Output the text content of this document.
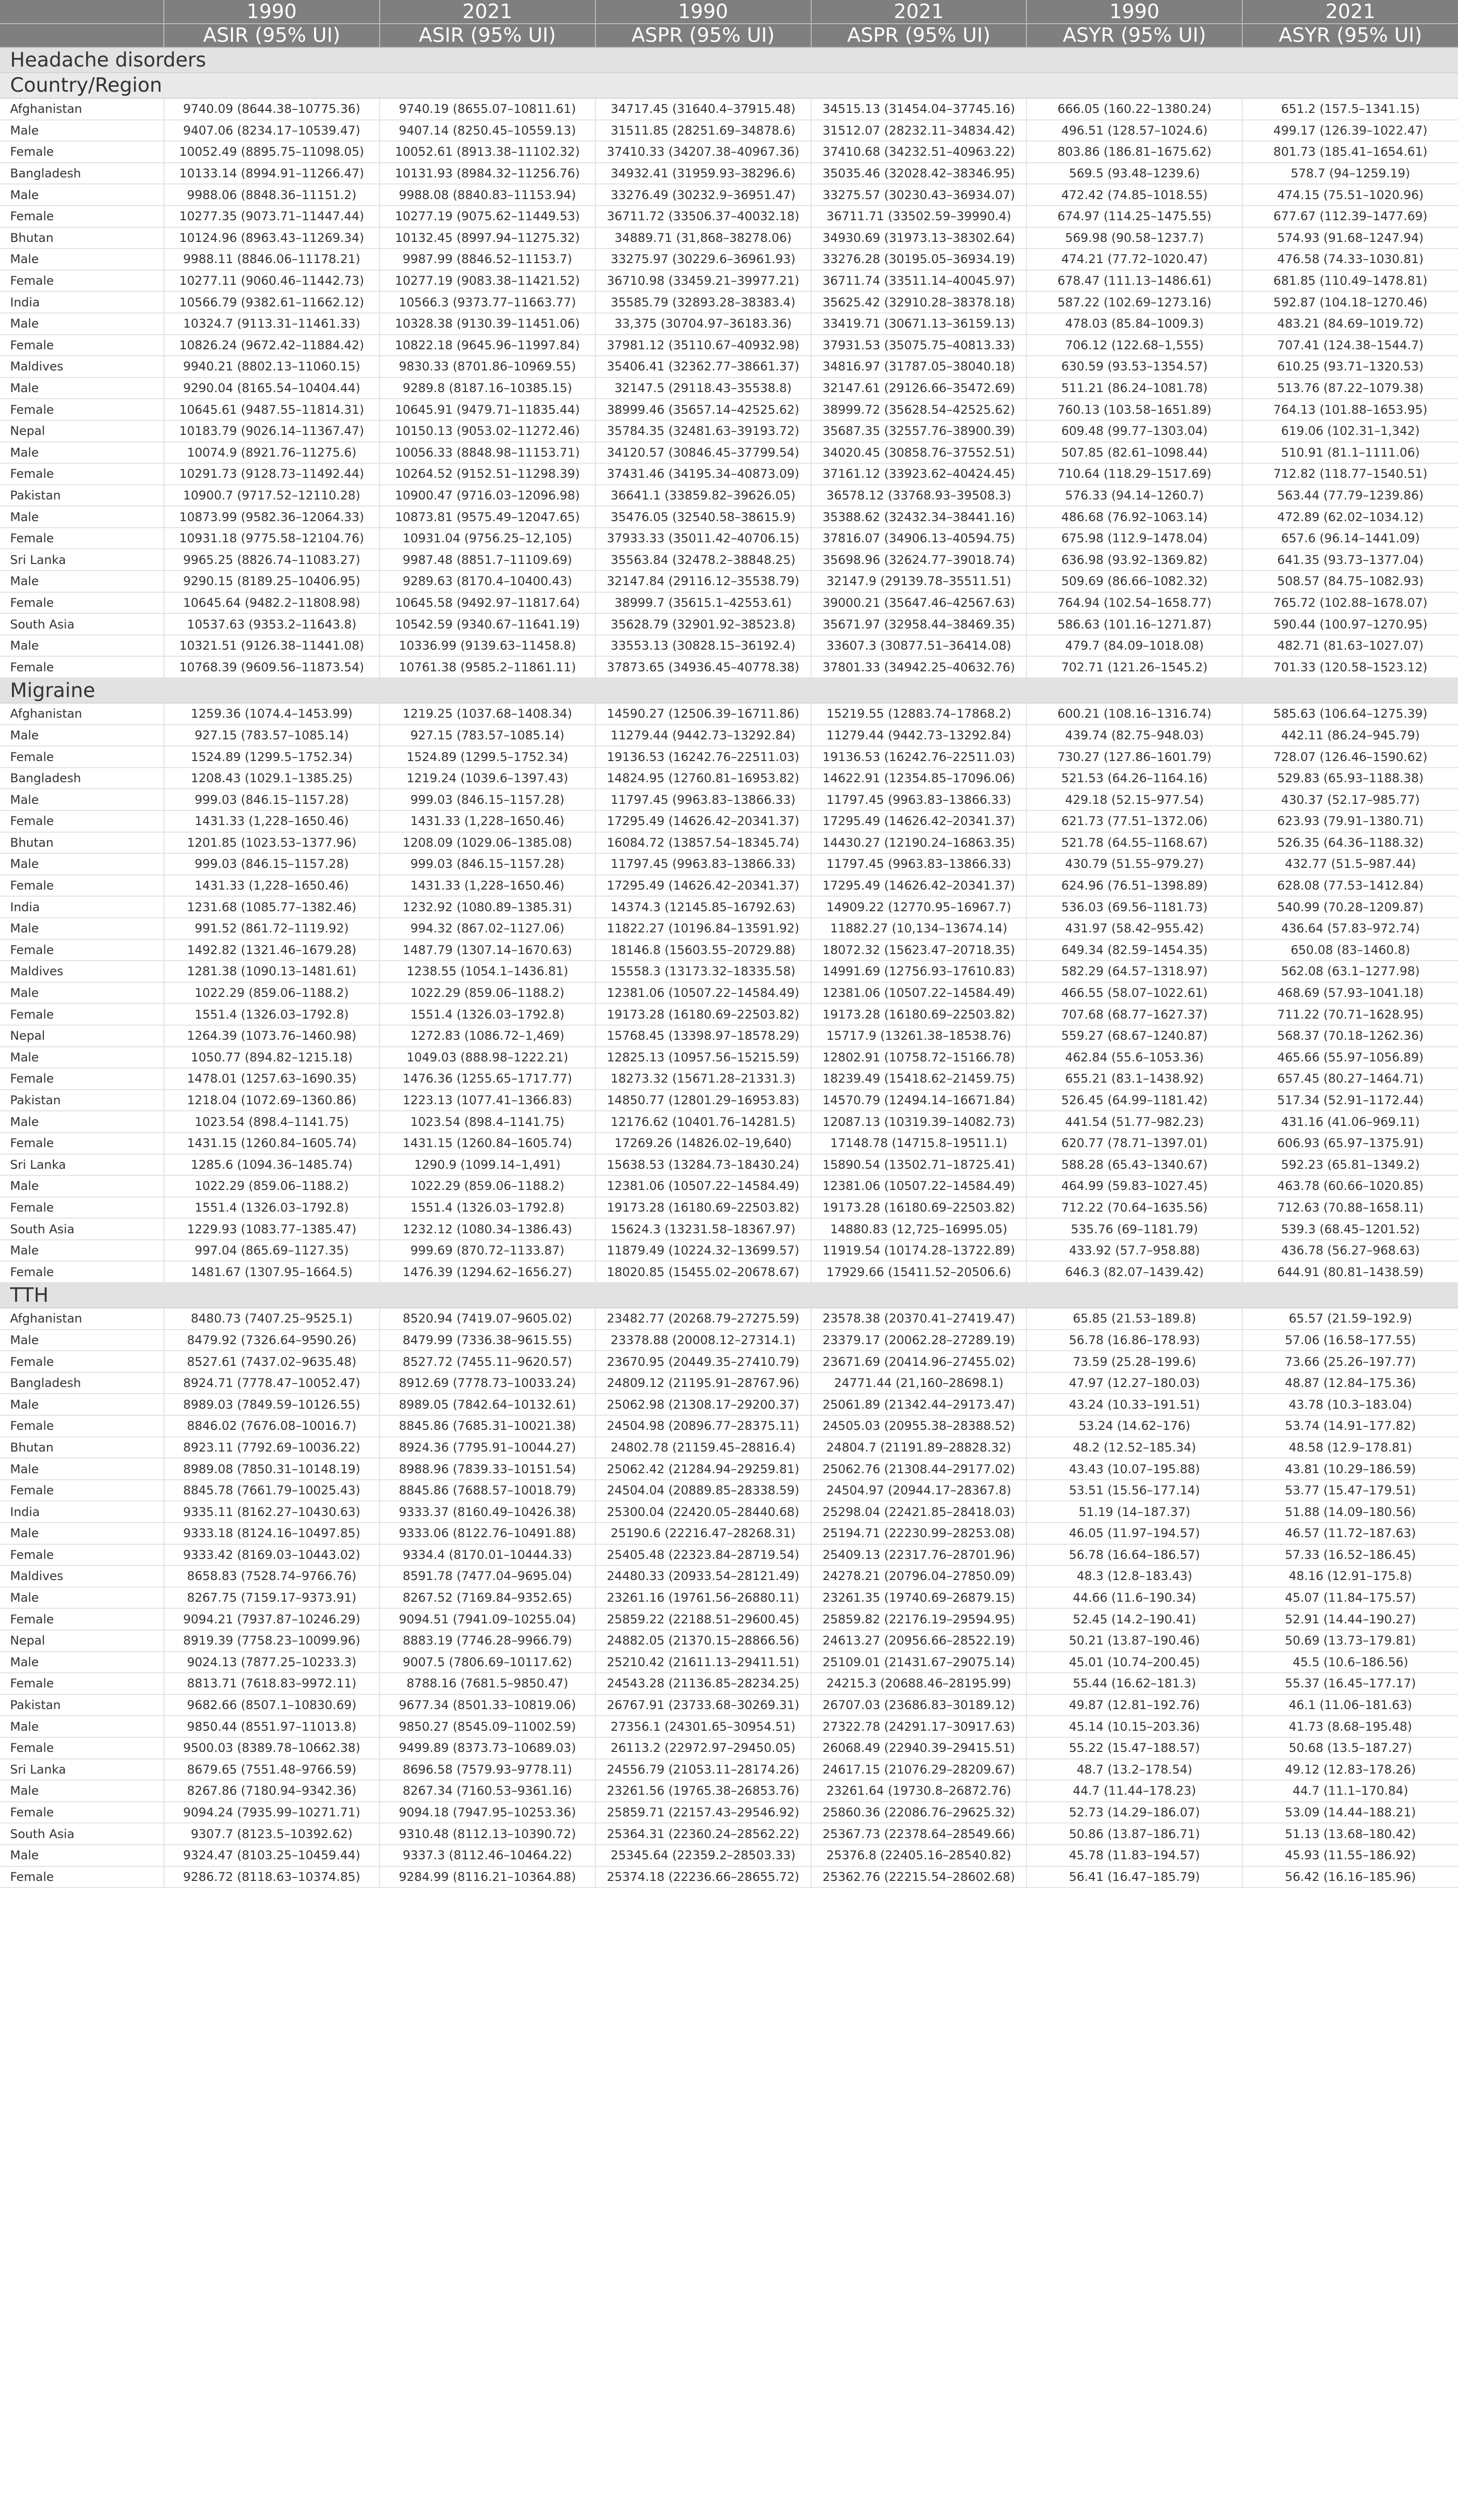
	1990	2021	1990	2021	1990	2021
	ASIR (95% UI)	ASIR (95% UI)	ASPR (95% UI)	ASPR (95% UI)	ASYR (95% UI)	ASYR (95% UI)
Headache disorders						
Country/Region						
Afghanistan	9740.09 (8644.38–10775.36)	9740.19 (8655.07–10811.61)	34717.45 (31640.4–37915.48)	34515.13 (31454.04–37745.16)	666.05 (160.22–1380.24)	651.2 (157.5–1341.15)
Male	9407.06 (8234.17–10539.47)	9407.14 (8250.45–10559.13)	31511.85 (28251.69–34878.6)	31512.07 (28232.11–34834.42)	496.51 (128.57–1024.6)	499.17 (126.39–1022.47)
Female	10052.49 (8895.75–11098.05)	10052.61 (8913.38–11102.32)	37410.33 (34207.38–40967.36)	37410.68 (34232.51–40963.22)	803.86 (186.81–1675.62)	801.73 (185.41–1654.61)
Bangladesh	10133.14 (8994.91–11266.47)	10131.93 (8984.32–11256.76)	34932.41 (31959.93–38296.6)	35035.46 (32028.42–38346.95)	569.5 (93.48–1239.6)	578.7 (94–1259.19)
Male	9988.06 (8848.36–11151.2)	9988.08 (8840.83–11153.94)	33276.49 (30232.9–36951.47)	33275.57 (30230.43–36934.07)	472.42 (74.85–1018.55)	474.15 (75.51–1020.96)
Female	10277.35 (9073.71–11447.44)	10277.19 (9075.62–11449.53)	36711.72 (33506.37–40032.18)	36711.71 (33502.59–39990.4)	674.97 (114.25–1475.55)	677.67 (112.39–1477.69)
Bhutan	10124.96 (8963.43–11269.34)	10132.45 (8997.94–11275.32)	34889.71 (31,868–38278.06)	34930.69 (31973.13–38302.64)	569.98 (90.58–1237.7)	574.93 (91.68–1247.94)
Male	9988.11 (8846.06–11178.21)	9987.99 (8846.52–11153.7)	33275.97 (30229.6–36961.93)	33276.28 (30195.05–36934.19)	474.21 (77.72–1020.47)	476.58 (74.33–1030.81)
Female	10277.11 (9060.46–11442.73)	10277.19 (9083.38–11421.52)	36710.98 (33459.21–39977.21)	36711.74 (33511.14–40045.97)	678.47 (111.13–1486.61)	681.85 (110.49–1478.81)
India	10566.79 (9382.61–11662.12)	10566.3 (9373.77–11663.77)	35585.79 (32893.28–38383.4)	35625.42 (32910.28–38378.18)	587.22 (102.69–1273.16)	592.87 (104.18–1270.46)
Male	10324.7 (9113.31–11461.33)	10328.38 (9130.39–11451.06)	33,375 (30704.97–36183.36)	33419.71 (30671.13–36159.13)	478.03 (85.84–1009.3)	483.21 (84.69–1019.72)
Female	10826.24 (9672.42–11884.42)	10822.18 (9645.96–11997.84)	37981.12 (35110.67–40932.98)	37931.53 (35075.75–40813.33)	706.12 (122.68–1,555)	707.41 (124.38–1544.7)
Maldives	9940.21 (8802.13–11060.15)	9830.33 (8701.86–10969.55)	35406.41 (32362.77–38661.37)	34816.97 (31787.05–38040.18)	630.59 (93.53–1354.57)	610.25 (93.71–1320.53)
Male	9290.04 (8165.54–10404.44)	9289.8 (8187.16–10385.15)	32147.5 (29118.43–35538.8)	32147.61 (29126.66–35472.69)	511.21 (86.24–1081.78)	513.76 (87.22–1079.38)
Female	10645.61 (9487.55–11814.31)	10645.91 (9479.71–11835.44)	38999.46 (35657.14–42525.62)	38999.72 (35628.54–42525.62)	760.13 (103.58–1651.89)	764.13 (101.88–1653.95)
Nepal	10183.79 (9026.14–11367.47)	10150.13 (9053.02–11272.46)	35784.35 (32481.63–39193.72)	35687.35 (32557.76–38900.39)	609.48 (99.77–1303.04)	619.06 (102.31–1,342)
Male	10074.9 (8921.76–11275.6)	10056.33 (8848.98–11153.71)	34120.57 (30846.45–37799.54)	34020.45 (30858.76–37552.51)	507.85 (82.61–1098.44)	510.91 (81.1–1111.06)
Female	10291.73 (9128.73–11492.44)	10264.52 (9152.51–11298.39)	37431.46 (34195.34–40873.09)	37161.12 (33923.62–40424.45)	710.64 (118.29–1517.69)	712.82 (118.77–1540.51)
Pakistan	10900.7 (9717.52–12110.28)	10900.47 (9716.03–12096.98)	36641.1 (33859.82–39626.05)	36578.12 (33768.93–39508.3)	576.33 (94.14–1260.7)	563.44 (77.79–1239.86)
Male	10873.99 (9582.36–12064.33)	10873.81 (9575.49–12047.65)	35476.05 (32540.58–38615.9)	35388.62 (32432.34–38441.16)	486.68 (76.92–1063.14)	472.89 (62.02–1034.12)
Female	10931.18 (9775.58–12104.76)	10931.04 (9756.25–12,105)	37933.33 (35011.42–40706.15)	37816.07 (34906.13–40594.75)	675.98 (112.9–1478.04)	657.6 (96.14–1441.09)
Sri Lanka	9965.25 (8826.74–11083.27)	9987.48 (8851.7–11109.69)	35563.84 (32478.2–38848.25)	35698.96 (32624.77–39018.74)	636.98 (93.92–1369.82)	641.35 (93.73–1377.04)
Male	9290.15 (8189.25–10406.95)	9289.63 (8170.4–10400.43)	32147.84 (29116.12–35538.79)	32147.9 (29139.78–35511.51)	509.69 (86.66–1082.32)	508.57 (84.75–1082.93)
Female	10645.64 (9482.2–11808.98)	10645.58 (9492.97–11817.64)	38999.7 (35615.1–42553.61)	39000.21 (35647.46–42567.63)	764.94 (102.54–1658.77)	765.72 (102.88–1678.07)
South Asia	10537.63 (9353.2–11643.8)	10542.59 (9340.67–11641.19)	35628.79 (32901.92–38523.8)	35671.97 (32958.44–38469.35)	586.63 (101.16–1271.87)	590.44 (100.97–1270.95)
Male	10321.51 (9126.38–11441.08)	10336.99 (9139.63–11458.8)	33553.13 (30828.15–36192.4)	33607.3 (30877.51–36414.08)	479.7 (84.09–1018.08)	482.71 (81.63–1027.07)
Female	10768.39 (9609.56–11873.54)	10761.38 (9585.2–11861.11)	37873.65 (34936.45–40778.38)	37801.33 (34942.25–40632.76)	702.71 (121.26–1545.2)	701.33 (120.58–1523.12)
Migraine						
Afghanistan	1259.36 (1074.4–1453.99)	1219.25 (1037.68–1408.34)	14590.27 (12506.39–16711.86)	15219.55 (12883.74–17868.2)	600.21 (108.16–1316.74)	585.63 (106.64–1275.39)
Male	927.15 (783.57–1085.14)	927.15 (783.57–1085.14)	11279.44 (9442.73–13292.84)	11279.44 (9442.73–13292.84)	439.74 (82.75–948.03)	442.11 (86.24–945.79)
Female	1524.89 (1299.5–1752.34)	1524.89 (1299.5–1752.34)	19136.53 (16242.76–22511.03)	19136.53 (16242.76–22511.03)	730.27 (127.86–1601.79)	728.07 (126.46–1590.62)
Bangladesh	1208.43 (1029.1–1385.25)	1219.24 (1039.6–1397.43)	14824.95 (12760.81–16953.82)	14622.91 (12354.85–17096.06)	521.53 (64.26–1164.16)	529.83 (65.93–1188.38)
Male	999.03 (846.15–1157.28)	999.03 (846.15–1157.28)	11797.45 (9963.83–13866.33)	11797.45 (9963.83–13866.33)	429.18 (52.15–977.54)	430.37 (52.17–985.77)
Female	1431.33 (1,228–1650.46)	1431.33 (1,228–1650.46)	17295.49 (14626.42–20341.37)	17295.49 (14626.42–20341.37)	621.73 (77.51–1372.06)	623.93 (79.91–1380.71)
Bhutan	1201.85 (1023.53–1377.96)	1208.09 (1029.06–1385.08)	16084.72 (13857.54–18345.74)	14430.27 (12190.24–16863.35)	521.78 (64.55–1168.67)	526.35 (64.36–1188.32)
Male	999.03 (846.15–1157.28)	999.03 (846.15–1157.28)	11797.45 (9963.83–13866.33)	11797.45 (9963.83–13866.33)	430.79 (51.55–979.27)	432.77 (51.5–987.44)
Female	1431.33 (1,228–1650.46)	1431.33 (1,228–1650.46)	17295.49 (14626.42–20341.37)	17295.49 (14626.42–20341.37)	624.96 (76.51–1398.89)	628.08 (77.53–1412.84)
India	1231.68 (1085.77–1382.46)	1232.92 (1080.89–1385.31)	14374.3 (12145.85–16792.63)	14909.22 (12770.95–16967.7)	536.03 (69.56–1181.73)	540.99 (70.28–1209.87)
Male	991.52 (861.72–1119.92)	994.32 (867.02–1127.06)	11822.27 (10196.84–13591.92)	11882.27 (10,134–13674.14)	431.97 (58.42–955.42)	436.64 (57.83–972.74)
Female	1492.82 (1321.46–1679.28)	1487.79 (1307.14–1670.63)	18146.8 (15603.55–20729.88)	18072.32 (15623.47–20718.35)	649.34 (82.59–1454.35)	650.08 (83–1460.8)
Maldives	1281.38 (1090.13–1481.61)	1238.55 (1054.1–1436.81)	15558.3 (13173.32–18335.58)	14991.69 (12756.93–17610.83)	582.29 (64.57–1318.97)	562.08 (63.1–1277.98)
Male	1022.29 (859.06–1188.2)	1022.29 (859.06–1188.2)	12381.06 (10507.22–14584.49)	12381.06 (10507.22–14584.49)	466.55 (58.07–1022.61)	468.69 (57.93–1041.18)
Female	1551.4 (1326.03–1792.8)	1551.4 (1326.03–1792.8)	19173.28 (16180.69–22503.82)	19173.28 (16180.69–22503.82)	707.68 (68.77–1627.37)	711.22 (70.71–1628.95)
Nepal	1264.39 (1073.76–1460.98)	1272.83 (1086.72–1,469)	15768.45 (13398.97–18578.29)	15717.9 (13261.38–18538.76)	559.27 (68.67–1240.87)	568.37 (70.18–1262.36)
Male	1050.77 (894.82–1215.18)	1049.03 (888.98–1222.21)	12825.13 (10957.56–15215.59)	12802.91 (10758.72–15166.78)	462.84 (55.6–1053.36)	465.66 (55.97–1056.89)
Female	1478.01 (1257.63–1690.35)	1476.36 (1255.65–1717.77)	18273.32 (15671.28–21331.3)	18239.49 (15418.62–21459.75)	655.21 (83.1–1438.92)	657.45 (80.27–1464.71)
Pakistan	1218.04 (1072.69–1360.86)	1223.13 (1077.41–1366.83)	14850.77 (12801.29–16953.83)	14570.79 (12494.14–16671.84)	526.45 (64.99–1181.42)	517.34 (52.91–1172.44)
Male	1023.54 (898.4–1141.75)	1023.54 (898.4–1141.75)	12176.62 (10401.76–14281.5)	12087.13 (10319.39–14082.73)	441.54 (51.77–982.23)	431.16 (41.06–969.11)
Female	1431.15 (1260.84–1605.74)	1431.15 (1260.84–1605.74)	17269.26 (14826.02–19,640)	17148.78 (14715.8–19511.1)	620.77 (78.71–1397.01)	606.93 (65.97–1375.91)
Sri Lanka	1285.6 (1094.36–1485.74)	1290.9 (1099.14–1,491)	15638.53 (13284.73–18430.24)	15890.54 (13502.71–18725.41)	588.28 (65.43–1340.67)	592.23 (65.81–1349.2)
Male	1022.29 (859.06–1188.2)	1022.29 (859.06–1188.2)	12381.06 (10507.22–14584.49)	12381.06 (10507.22–14584.49)	464.99 (59.83–1027.45)	463.78 (60.66–1020.85)
Female	1551.4 (1326.03–1792.8)	1551.4 (1326.03–1792.8)	19173.28 (16180.69–22503.82)	19173.28 (16180.69–22503.82)	712.22 (70.64–1635.56)	712.63 (70.88–1658.11)
South Asia	1229.93 (1083.77–1385.47)	1232.12 (1080.34–1386.43)	15624.3 (13231.58–18367.97)	14880.83 (12,725–16995.05)	535.76 (69–1181.79)	539.3 (68.45–1201.52)
Male	997.04 (865.69–1127.35)	999.69 (870.72–1133.87)	11879.49 (10224.32–13699.57)	11919.54 (10174.28–13722.89)	433.92 (57.7–958.88)	436.78 (56.27–968.63)
Female	1481.67 (1307.95–1664.5)	1476.39 (1294.62–1656.27)	18020.85 (15455.02–20678.67)	17929.66 (15411.52–20506.6)	646.3 (82.07–1439.42)	644.91 (80.81–1438.59)
TTH						
Afghanistan	8480.73 (7407.25–9525.1)	8520.94 (7419.07–9605.02)	23482.77 (20268.79–27275.59)	23578.38 (20370.41–27419.47)	65.85 (21.53–189.8)	65.57 (21.59–192.9)
Male	8479.92 (7326.64–9590.26)	8479.99 (7336.38–9615.55)	23378.88 (20008.12–27314.1)	23379.17 (20062.28–27289.19)	56.78 (16.86–178.93)	57.06 (16.58–177.55)
Female	8527.61 (7437.02–9635.48)	8527.72 (7455.11–9620.57)	23670.95 (20449.35–27410.79)	23671.69 (20414.96–27455.02)	73.59 (25.28–199.6)	73.66 (25.26–197.77)
Bangladesh	8924.71 (7778.47–10052.47)	8912.69 (7778.73–10033.24)	24809.12 (21195.91–28767.96)	24771.44 (21,160–28698.1)	47.97 (12.27–180.03)	48.87 (12.84–175.36)
Male	8989.03 (7849.59–10126.55)	8989.05 (7842.64–10132.61)	25062.98 (21308.17–29200.37)	25061.89 (21342.44–29173.47)	43.24 (10.33–191.51)	43.78 (10.3–183.04)
Female	8846.02 (7676.08–10016.7)	8845.86 (7685.31–10021.38)	24504.98 (20896.77–28375.11)	24505.03 (20955.38–28388.52)	53.24 (14.62–176)	53.74 (14.91–177.82)
Bhutan	8923.11 (7792.69–10036.22)	8924.36 (7795.91–10044.27)	24802.78 (21159.45–28816.4)	24804.7 (21191.89–28828.32)	48.2 (12.52–185.34)	48.58 (12.9–178.81)
Male	8989.08 (7850.31–10148.19)	8988.96 (7839.33–10151.54)	25062.42 (21284.94–29259.81)	25062.76 (21308.44–29177.02)	43.43 (10.07–195.88)	43.81 (10.29–186.59)
Female	8845.78 (7661.79–10025.43)	8845.86 (7688.57–10018.79)	24504.04 (20889.85–28338.59)	24504.97 (20944.17–28367.8)	53.51 (15.56–177.14)	53.77 (15.47–179.51)
India	9335.11 (8162.27–10430.63)	9333.37 (8160.49–10426.38)	25300.04 (22420.05–28440.68)	25298.04 (22421.85–28418.03)	51.19 (14–187.37)	51.88 (14.09–180.56)
Male	9333.18 (8124.16–10497.85)	9333.06 (8122.76–10491.88)	25190.6 (22216.47–28268.31)	25194.71 (22230.99–28253.08)	46.05 (11.97–194.57)	46.57 (11.72–187.63)
Female	9333.42 (8169.03–10443.02)	9334.4 (8170.01–10444.33)	25405.48 (22323.84–28719.54)	25409.13 (22317.76–28701.96)	56.78 (16.64–186.57)	57.33 (16.52–186.45)
Maldives	8658.83 (7528.74–9766.76)	8591.78 (7477.04–9695.04)	24480.33 (20933.54–28121.49)	24278.21 (20796.04–27850.09)	48.3 (12.8–183.43)	48.16 (12.91–175.8)
Male	8267.75 (7159.17–9373.91)	8267.52 (7169.84–9352.65)	23261.16 (19761.56–26880.11)	23261.35 (19740.69–26879.15)	44.66 (11.6–190.34)	45.07 (11.84–175.57)
Female	9094.21 (7937.87–10246.29)	9094.51 (7941.09–10255.04)	25859.22 (22188.51–29600.45)	25859.82 (22176.19–29594.95)	52.45 (14.2–190.41)	52.91 (14.44–190.27)
Nepal	8919.39 (7758.23–10099.96)	8883.19 (7746.28–9966.79)	24882.05 (21370.15–28866.56)	24613.27 (20956.66–28522.19)	50.21 (13.87–190.46)	50.69 (13.73–179.81)
Male	9024.13 (7877.25–10233.3)	9007.5 (7806.69–10117.62)	25210.42 (21611.13–29411.51)	25109.01 (21431.67–29075.14)	45.01 (10.74–200.45)	45.5 (10.6–186.56)
Female	8813.71 (7618.83–9972.11)	8788.16 (7681.5–9850.47)	24543.28 (21136.85–28234.25)	24215.3 (20688.46–28195.99)	55.44 (16.62–181.3)	55.37 (16.45–177.17)
Pakistan	9682.66 (8507.1–10830.69)	9677.34 (8501.33–10819.06)	26767.91 (23733.68–30269.31)	26707.03 (23686.83–30189.12)	49.87 (12.81–192.76)	46.1 (11.06–181.63)
Male	9850.44 (8551.97–11013.8)	9850.27 (8545.09–11002.59)	27356.1 (24301.65–30954.51)	27322.78 (24291.17–30917.63)	45.14 (10.15–203.36)	41.73 (8.68–195.48)
Female	9500.03 (8389.78–10662.38)	9499.89 (8373.73–10689.03)	26113.2 (22972.97–29450.05)	26068.49 (22940.39–29415.51)	55.22 (15.47–188.57)	50.68 (13.5–187.27)
Sri Lanka	8679.65 (7551.48–9766.59)	8696.58 (7579.93–9778.11)	24556.79 (21053.11–28174.26)	24617.15 (21076.29–28209.67)	48.7 (13.2–178.54)	49.12 (12.83–178.26)
Male	8267.86 (7180.94–9342.36)	8267.34 (7160.53–9361.16)	23261.56 (19765.38–26853.76)	23261.64 (19730.8–26872.76)	44.7 (11.44–178.23)	44.7 (11.1–170.84)
Female	9094.24 (7935.99–10271.71)	9094.18 (7947.95–10253.36)	25859.71 (22157.43–29546.92)	25860.36 (22086.76–29625.32)	52.73 (14.29–186.07)	53.09 (14.44–188.21)
South Asia	9307.7 (8123.5–10392.62)	9310.48 (8112.13–10390.72)	25364.31 (22360.24–28562.22)	25367.73 (22378.64–28549.66)	50.86 (13.87–186.71)	51.13 (13.68–180.42)
Male	9324.47 (8103.25–10459.44)	9337.3 (8112.46–10464.22)	25345.64 (22359.2–28503.33)	25376.8 (22405.16–28540.82)	45.78 (11.83–194.57)	45.93 (11.55–186.92)
Female	9286.72 (8118.63–10374.85)	9284.99 (8116.21–10364.88)	25374.18 (22236.66–28655.72)	25362.76 (22215.54–28602.68)	56.41 (16.47–185.79)	56.42 (16.16–185.96)
